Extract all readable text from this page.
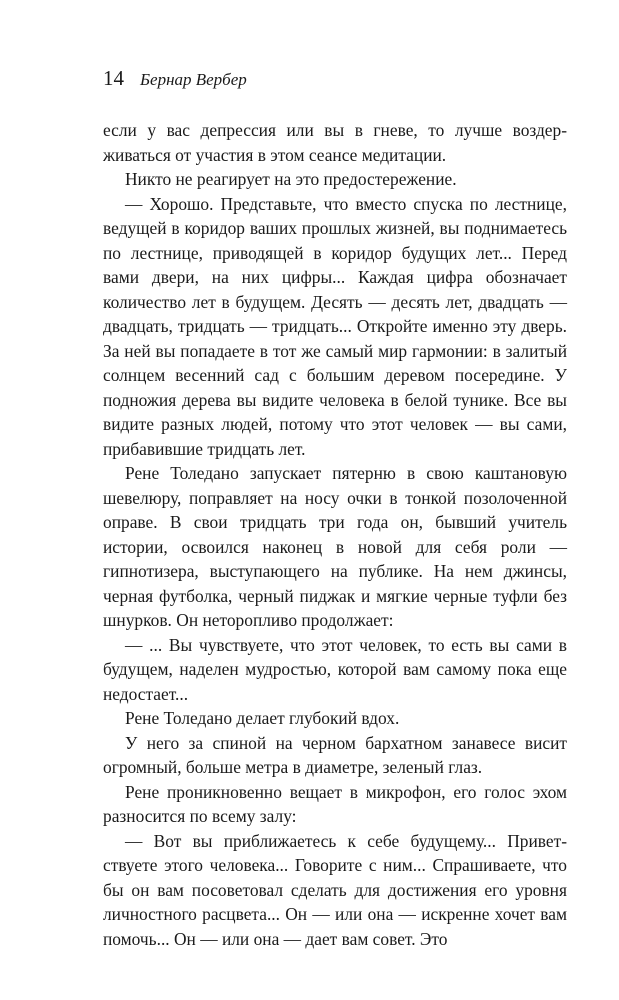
14 Бернар Вербер

если у вас депрессия или вы в гневе, то лучше воздерживаться от участия в этом сеансе медитации.

Никто не реагирует на это предостережение.

— Хорошо. Представьте, что вместо спуска по лестнице, ведущей в коридор ваших прошлых жизней, вы поднимаетесь по лестнице, приводящей в коридор будущих лет... Перед вами двери, на них цифры... Каждая цифра обозначает количество лет в будущем. Десять — десять лет, двадцать — двадцать, тридцать — тридцать... Откройте именно эту дверь. За ней вы попадаете в тот же самый мир гармонии: в залитый солнцем весенний сад с большим деревом посередине. У подножия дерева вы видите человека в белой тунике. Все вы видите разных людей, потому что этот человек — вы сами, прибавившие тридцать лет.

Рене Толедано запускает пятерню в свою каштановую шевелюру, поправляет на носу очки в тонкой позолоченной оправе. В свои тридцать три года он, бывший учитель истории, освоился наконец в новой для себя роли — гипнотизера, выступающего на публике. На нем джинсы, черная футболка, черный пиджак и мягкие черные туфли без шнурков. Он неторопливо продолжает:

— ... Вы чувствуете, что этот человек, то есть вы сами в будущем, наделен мудростью, которой вам самому пока еще недостает...

Рене Толедано делает глубокий вдох.

У него за спиной на черном бархатном занавесе висит огромный, больше метра в диаметре, зеленый глаз.

Рене проникновенно вещает в микрофон, его голос эхом разносится по всему залу:

— Вот вы приближаетесь к себе будущему... Приветствуете этого человека... Говорите с ним... Спрашиваете, что бы он вам посоветовал сделать для достижения его уровня личностного расцвета... Он — или она — искренне хочет вам помочь... Он — или она — дает вам совет. Это
